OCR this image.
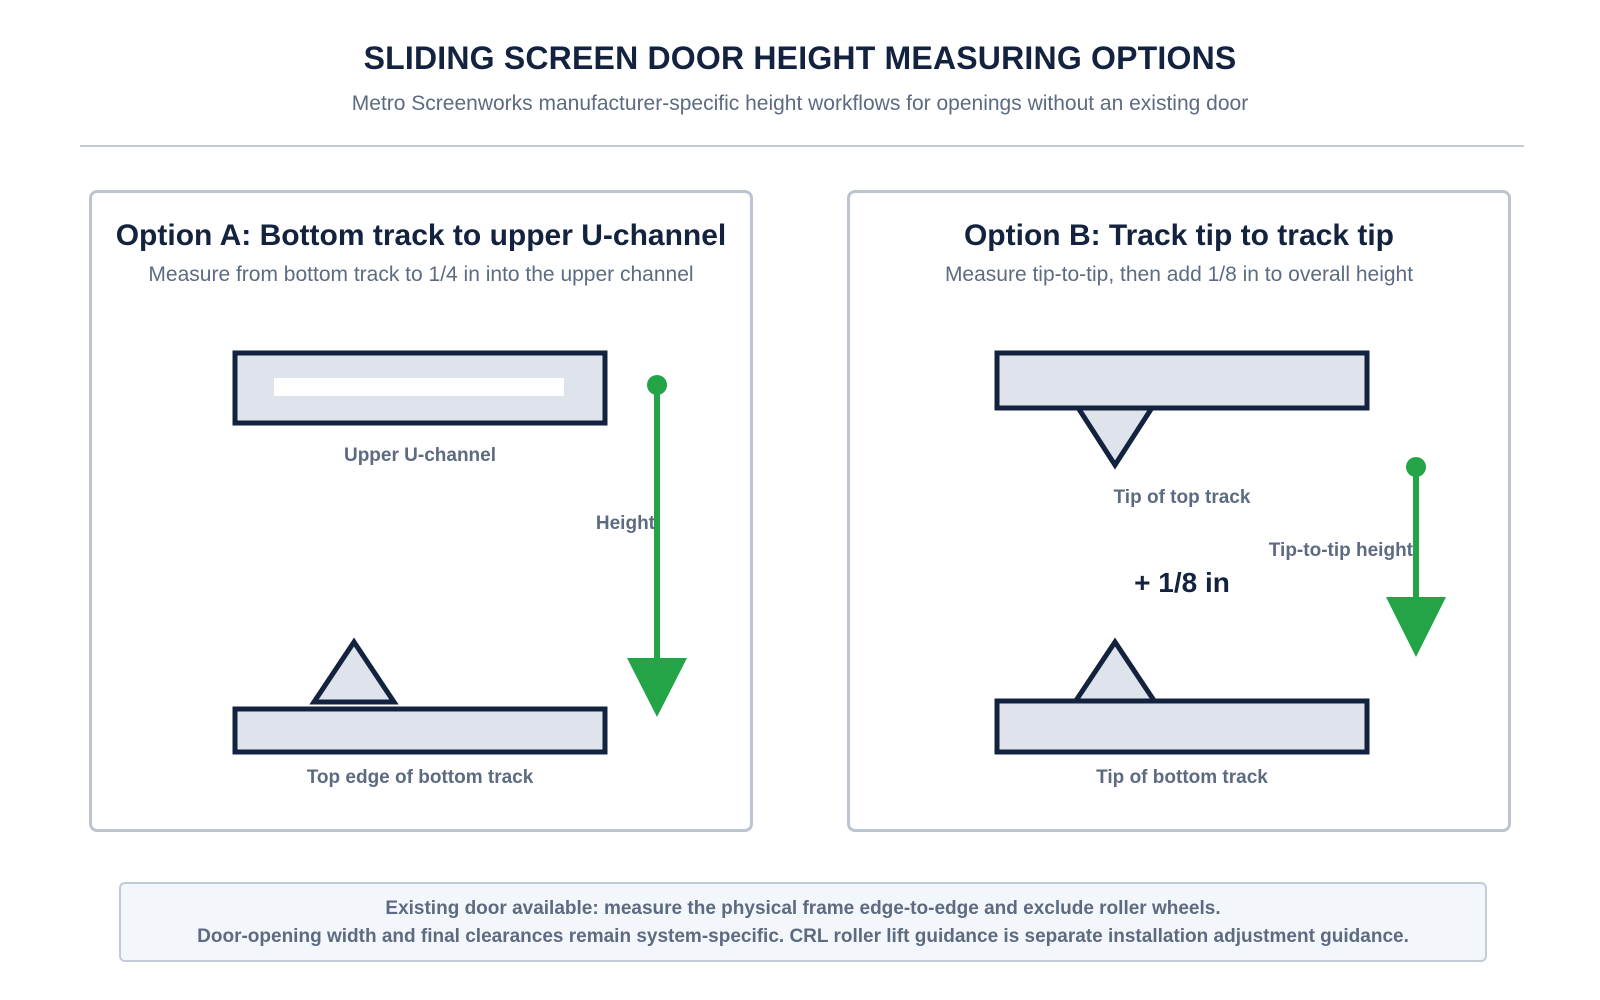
SLIDING SCREEN DOOR HEIGHT MEASURING OPTIONS
Metro Screenworks manufacturer-specific height workflows for openings without an existing door
Option A: Bottom track to upper U-channel
Measure from bottom track to 1/4 in into the upper channel
Upper U-channel
Top edge of bottom track
Height
Option B: Track tip to track tip
Measure tip-to-tip, then add 1/8 in to overall height
Tip of top track
+ 1/8 in
Tip of bottom track
Tip-to-tip height
Existing door available: measure the physical frame edge-to-edge and exclude roller wheels.
Door-opening width and final clearances remain system-specific. CRL roller lift guidance is separate installation adjustment guidance.
